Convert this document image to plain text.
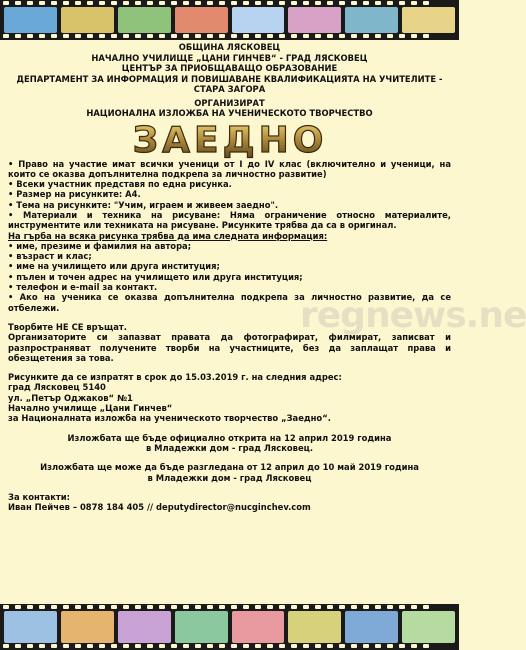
regnews.ne
ОБЩИНА ЛЯСКОВЕЦ
НАЧАЛНО УЧИЛИЩЕ „ЦАНИ ГИНЧЕВ“ - ГРАД ЛЯСКОВЕЦ
ЦЕНТЪР ЗА ПРИОБЩАВАЩО ОБРАЗОВАНИЕ
ДЕПАРТАМЕНТ ЗА ИНФОРМАЦИЯ И ПОВИШАВАНЕ КВАЛИФИКАЦИЯТА НА УЧИТЕЛИТЕ -
СТАРА ЗАГОРА
ОРГАНИЗИРАТ
НАЦИОНАЛНА ИЗЛОЖБА НА УЧЕНИЧЕСКОТО ТВОРЧЕСТВО
ЗАЕДНО

• Право на участие имат всички ученици от I до IV клас (включително и ученици, на които се оказва допълнителна подкрепа за личностно развитие)

• Всеки участник представя по една рисунка.

• Размер на рисунките: А4.

• Тема на рисунките: "Учим, играем и живеем заедно".

• Материали и техника на рисуване: Няма ограничение относно материалите, инструментите или техниката на рисуване. Рисунките трябва да са в оригинал.

На гърба на всяка рисунка трябва да има следната информация:

• име, презиме и фамилия на автора;

• възраст и клас;

• име на училището или друга институция;

• пълен и точен адрес на училището или друга институция;

• телефон и e-mail за контакт.

• Ако на ученика се оказва допълнителна подкрепа за личностно развитие, да се отбележи.

Творбите НЕ СЕ връщат.

Организаторите си запазват правата да фотографират, филмират, записват и разпространяват получените творби на участниците, без да заплащат права и обезщетения за това.

Рисунките да се изпратят в срок до 15.03.2019 г. на следния адрес:
град Лясковец 5140
ул. „Петър Оджаков“ №1
Начално училище „Цани Гинчев“
за Националната изложба на ученическото творчество „Заедно“.
Изложбата ще бъде официално открита на 12 април 2019 година
в Младежки дом - град Лясковец.
Изложбата ще може да бъде разгледана от 12 април до 10 май 2019 година
в Младежки дом - град Лясковец
За контакти:
Иван Пейчев – 0878 184 405 // deputydirector@nucginchev.com
